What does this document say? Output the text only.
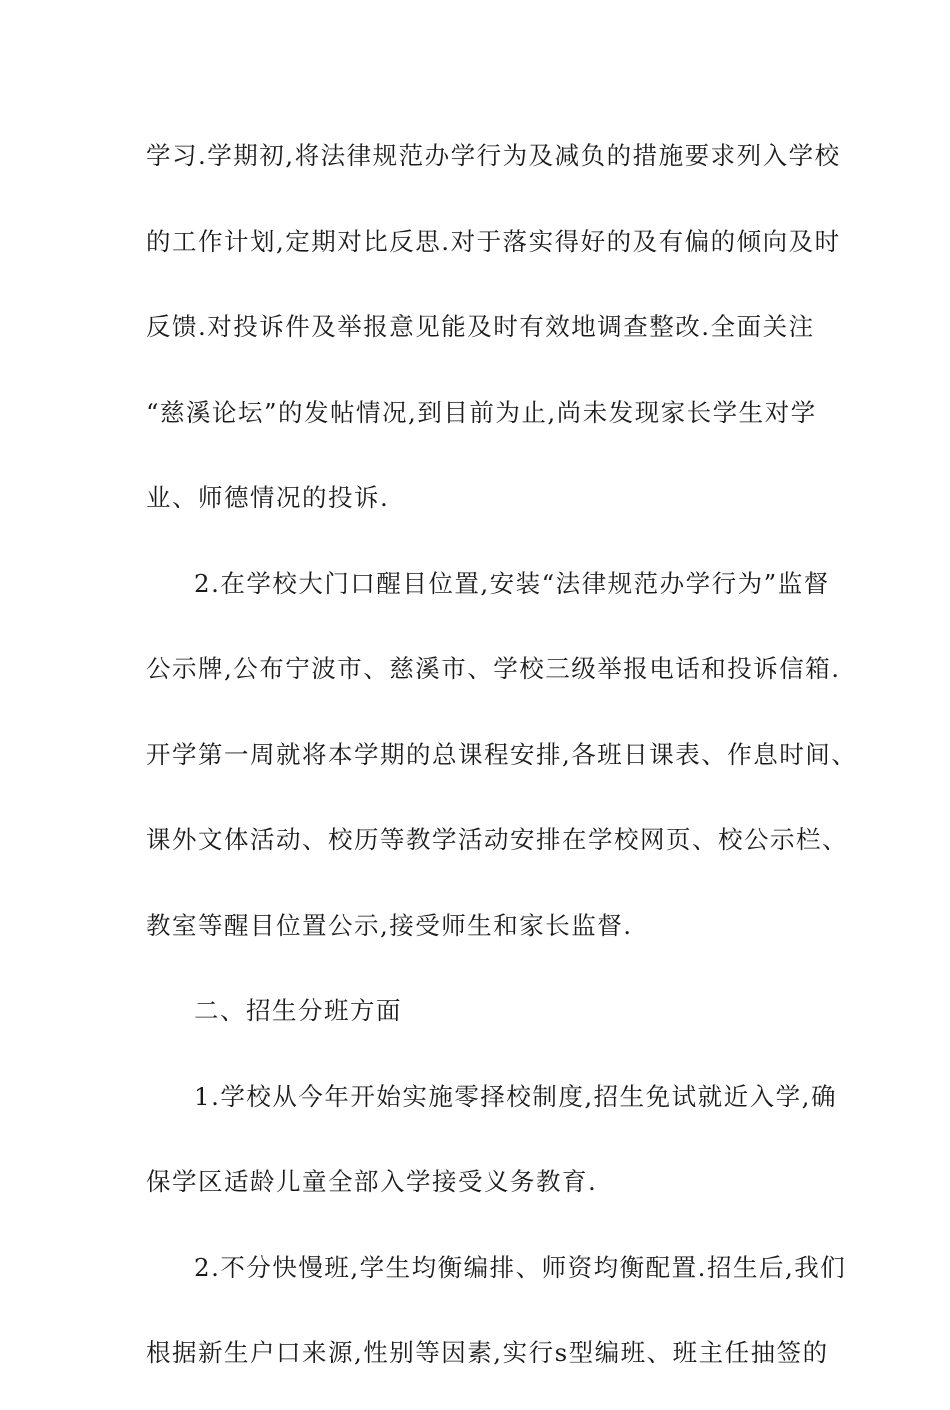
学习.学期初,将法律规范办学行为及减负的措施要求列入学校
的工作计划,定期对比反思.对于落实得好的及有偏的倾向及时
反馈.对投诉件及举报意见能及时有效地调查整改.全面关注
“慈溪论坛”的发帖情况,到目前为止,尚未发现家长学生对学
业、师德情况的投诉.
2.在学校大门口醒目位置,安装“法律规范办学行为”监督
公示牌,公布宁波市、慈溪市、学校三级举报电话和投诉信箱.
开学第一周就将本学期的总课程安排,各班日课表、作息时间、
课外文体活动、校历等教学活动安排在学校网页、校公示栏、
教室等醒目位置公示,接受师生和家长监督.
二、招生分班方面
1.学校从今年开始实施零择校制度,招生免试就近入学,确
保学区适龄儿童全部入学接受义务教育.
2.不分快慢班,学生均衡编排、师资均衡配置.招生后,我们
根据新生户口来源,性别等因素,实行s型编班、班主任抽签的
